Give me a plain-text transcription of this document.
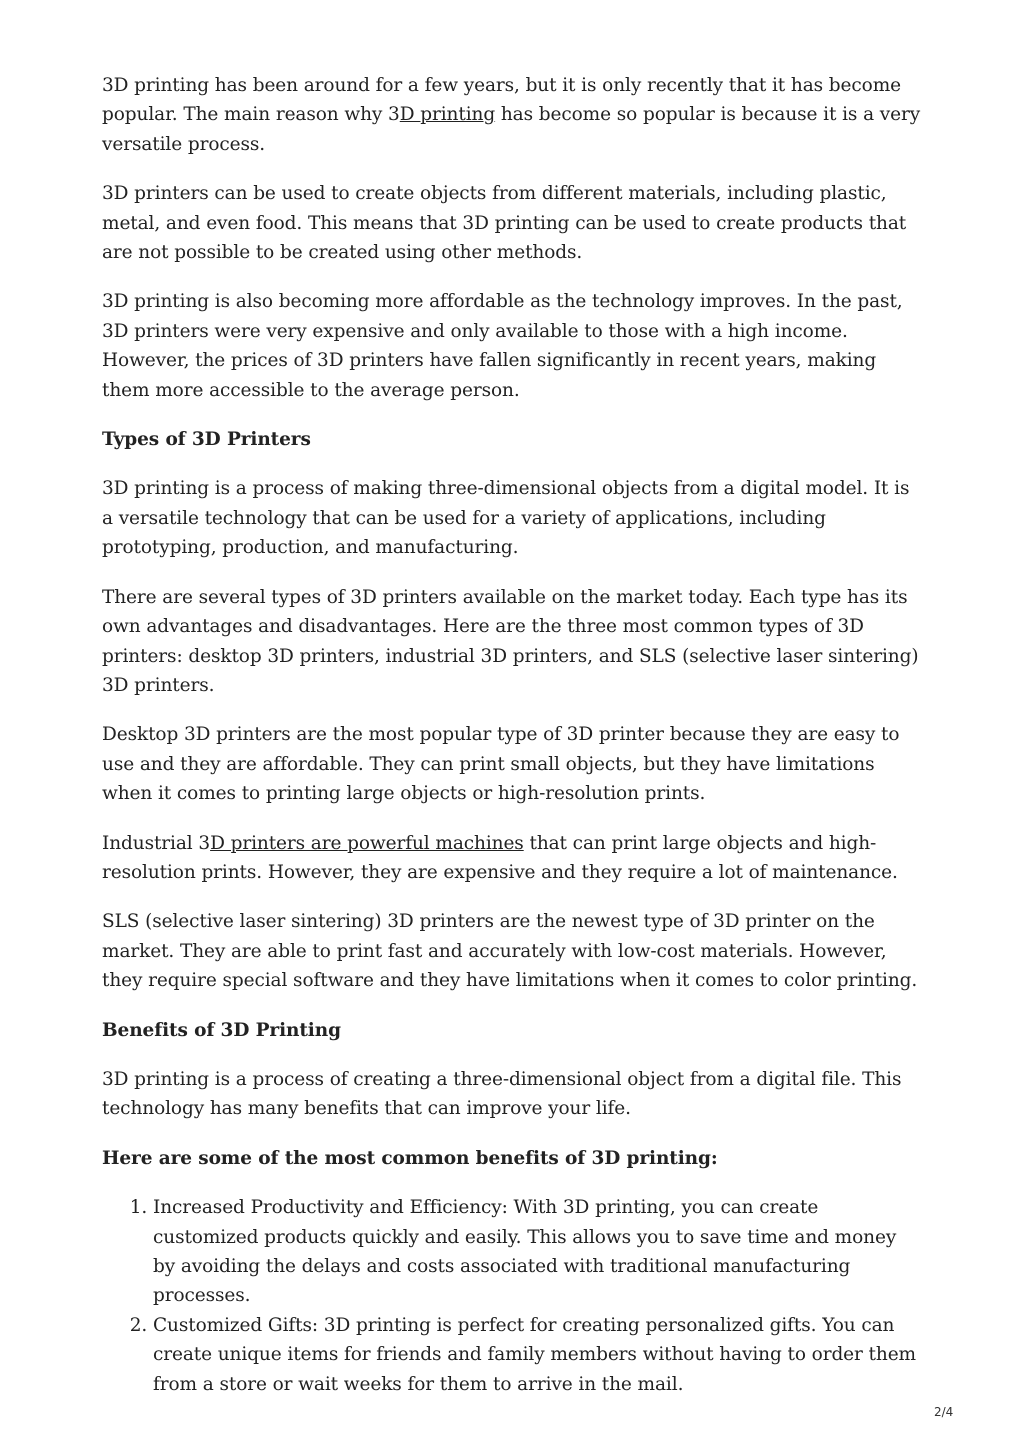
3D printing has been around for a few years, but it is only recently that it has become popular. The main reason why 3D printing has become so popular is because it is a very versatile process.

3D printers can be used to create objects from different materials, including plastic, metal, and even food. This means that 3D printing can be used to create products that are not possible to be created using other methods.

3D printing is also becoming more affordable as the technology improves. In the past, 3D printers were very expensive and only available to those with a high income. However, the prices of 3D printers have fallen significantly in recent years, making them more accessible to the average person.

Types of 3D Printers

3D printing is a process of making three-dimensional objects from a digital model. It is a versatile technology that can be used for a variety of applications, including prototyping, production, and manufacturing.

There are several types of 3D printers available on the market today. Each type has its own advantages and disadvantages. Here are the three most common types of 3D printers: desktop 3D printers, industrial 3D printers, and SLS (selective laser sintering) 3D printers.

Desktop 3D printers are the most popular type of 3D printer because they are easy to use and they are affordable. They can print small objects, but they have limitations when it comes to printing large objects or high-resolution prints.

Industrial 3D printers are powerful machines that can print large objects and high-resolution prints. However, they are expensive and they require a lot of maintenance.

SLS (selective laser sintering) 3D printers are the newest type of 3D printer on the market. They are able to print fast and accurately with low-cost materials. However, they require special software and they have limitations when it comes to color printing.

Benefits of 3D Printing

3D printing is a process of creating a three-dimensional object from a digital file. This technology has many benefits that can improve your life.

Here are some of the most common benefits of 3D printing:
1. Increased Productivity and Efficiency: With 3D printing, you can create customized products quickly and easily. This allows you to save time and money by avoiding the delays and costs associated with traditional manufacturing processes.
2. Customized Gifts: 3D printing is perfect for creating personalized gifts. You can create unique items for friends and family members without having to order them from a store or wait weeks for them to arrive in the mail.
2/4
